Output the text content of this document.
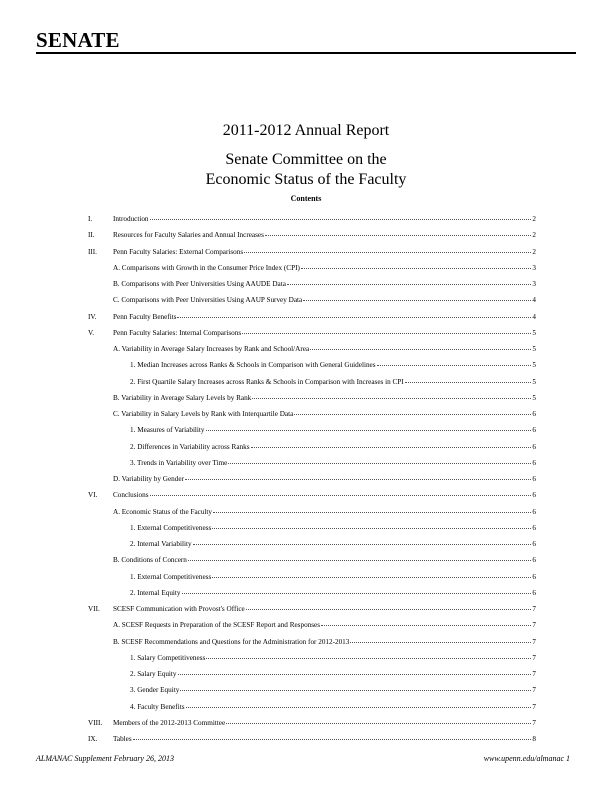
SENATE
2011-2012 Annual Report
Senate Committee on the
Economic Status of the Faculty
Contents
I.	Introduction	2
II.	Resources for Faculty Salaries and Annual Increases	2
III.	Penn Faculty Salaries: External Comparisons	2
A. Comparisons with Growth in the Consumer Price Index (CPI)	3
B. Comparisons with Peer Universities Using AAUDE Data	3
C. Comparisons with Peer Universities Using AAUP Survey Data	4
IV.	Penn Faculty Benefits	4
V.	Penn Faculty Salaries: Internal Comparisons	5
A. Variability in Average Salary Increases by Rank and School/Area	5
1. Median Increases across Ranks & Schools in Comparison with General Guidelines	5
2. First Quartile Salary Increases across Ranks & Schools in Comparison with Increases in CPI	5
B. Variability in Average Salary Levels by Rank	5
C. Variability in Salary Levels by Rank with Interquartile Data	6
1. Measures of Variability	6
2. Differences in Variability across Ranks	6
3. Trends in Variability over Time	6
D. Variability by Gender	6
VI.	Conclusions	6
A. Economic Status of the Faculty	6
1. External Competitiveness	6
2. Internal Variability	6
B. Conditions of Concern	6
1. External Competitiveness	6
2. Internal Equity	6
VII.	SCESF Communication with Provost's Office	7
A. SCESF Requests in Preparation of the SCESF Report and Responses	7
B. SCESF Recommendations and Questions for the Administration for 2012-2013	7
1. Salary Competitiveness	7
2. Salary Equity	7
3. Gender Equity	7
4. Faculty Benefits	7
VIII.	Members of the 2012-2013 Committee	7
IX.	Tables	8
ALMANAC Supplement February 26, 2013	www.upenn.edu/almanac 1
